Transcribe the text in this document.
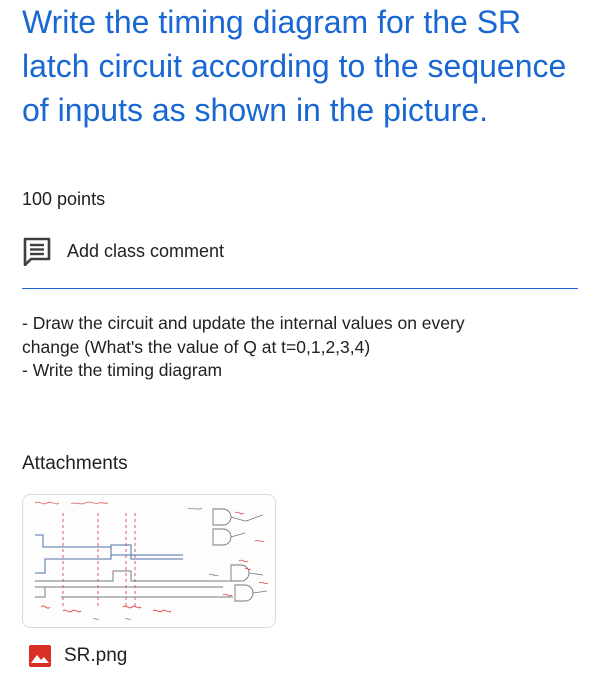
Write the timing diagram for the SR latch circuit according to the sequence of inputs as shown in the picture.
100 points
Add class comment
- Draw the circuit and update the internal values on every
change (What's the value of Q at t=0,1,2,3,4)
- Write the timing diagram
Attachments
SR.png
